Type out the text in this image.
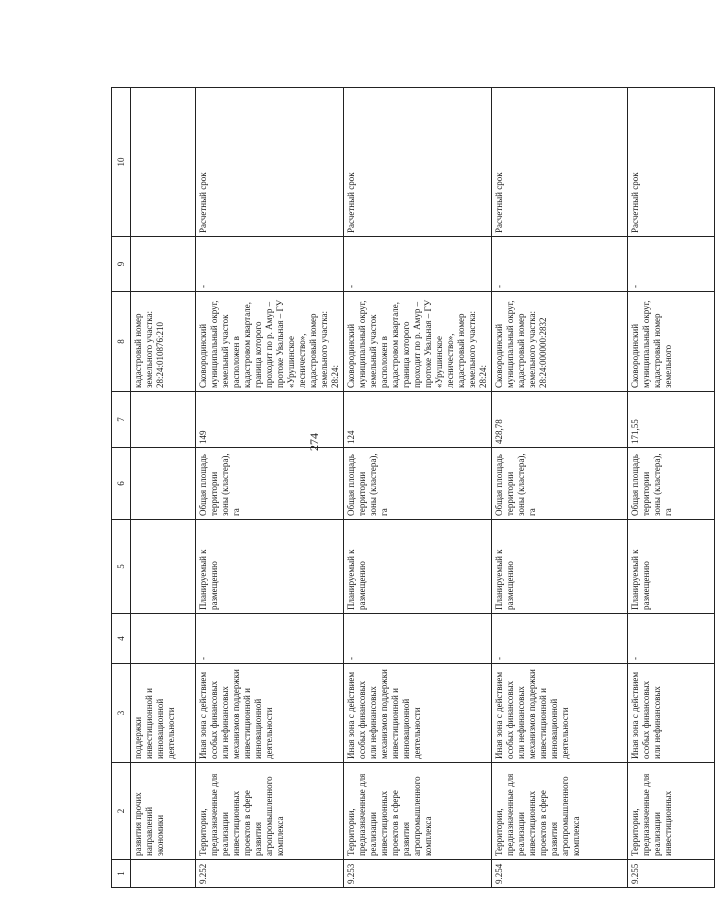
274
1	2	3	4	5	6	7	8	9	10
	развития прочих направлений экономики	поддержки инвестиционной и инновационной деятельности					кадастровый номер земельного участка: 28:24:010876:210		
9.252	Территории, предназначенные для реализации инвестиционных проектов в сфере развития агропромышленного комплекса	Иная зона с действием особых финансовых или нефинансовых механизмов поддержки инвестиционной и инновационной деятельности	-	Планируемый к размещению	Общая площадь территории зоны (кластера), га	149	Сковородинский муниципальный округ, земельный участок расположен в кадастровом квартале, граница которого проходит по р. Амур – протоке Увальная – ГУ «Урушинское лесничество», кадастровый номер земельного участка: 28:24:	-	Расчетный срок
9.253	Территории, предназначенные для реализации инвестиционных проектов в сфере развития агропромышленного комплекса	Иная зона с действием особых финансовых или нефинансовых механизмов поддержки инвестиционной и инновационной деятельности	-	Планируемый к размещению	Общая площадь территории зоны (кластера), га	124	Сковородинский муниципальный округ, земельный участок расположен в кадастровом квартале, граница которого проходит по р. Амур – протоке Увальная – ГУ «Урушинское лесничество», кадастровый номер земельного участка: 28:24:	-	Расчетный срок
9.254	Территории, предназначенные для реализации инвестиционных проектов в сфере развития агропромышленного комплекса	Иная зона с действием особых финансовых или нефинансовых механизмов поддержки инвестиционной и инновационной деятельности	-	Планируемый к размещению	Общая площадь территории зоны (кластера), га	428,78	Сковородинский муниципальный округ, кадастровый номер земельного участка: 28:24:000000:2832	-	Расчетный срок
9.255	Территории, предназначенные для реализации инвестиционных	Иная зона с действием особых финансовых или нефинансовых	-	Планируемый к размещению	Общая площадь территории зоны (кластера), га	171,55	Сковородинский муниципальный округ, кадастровый номер земельного	-	Расчетный срок
